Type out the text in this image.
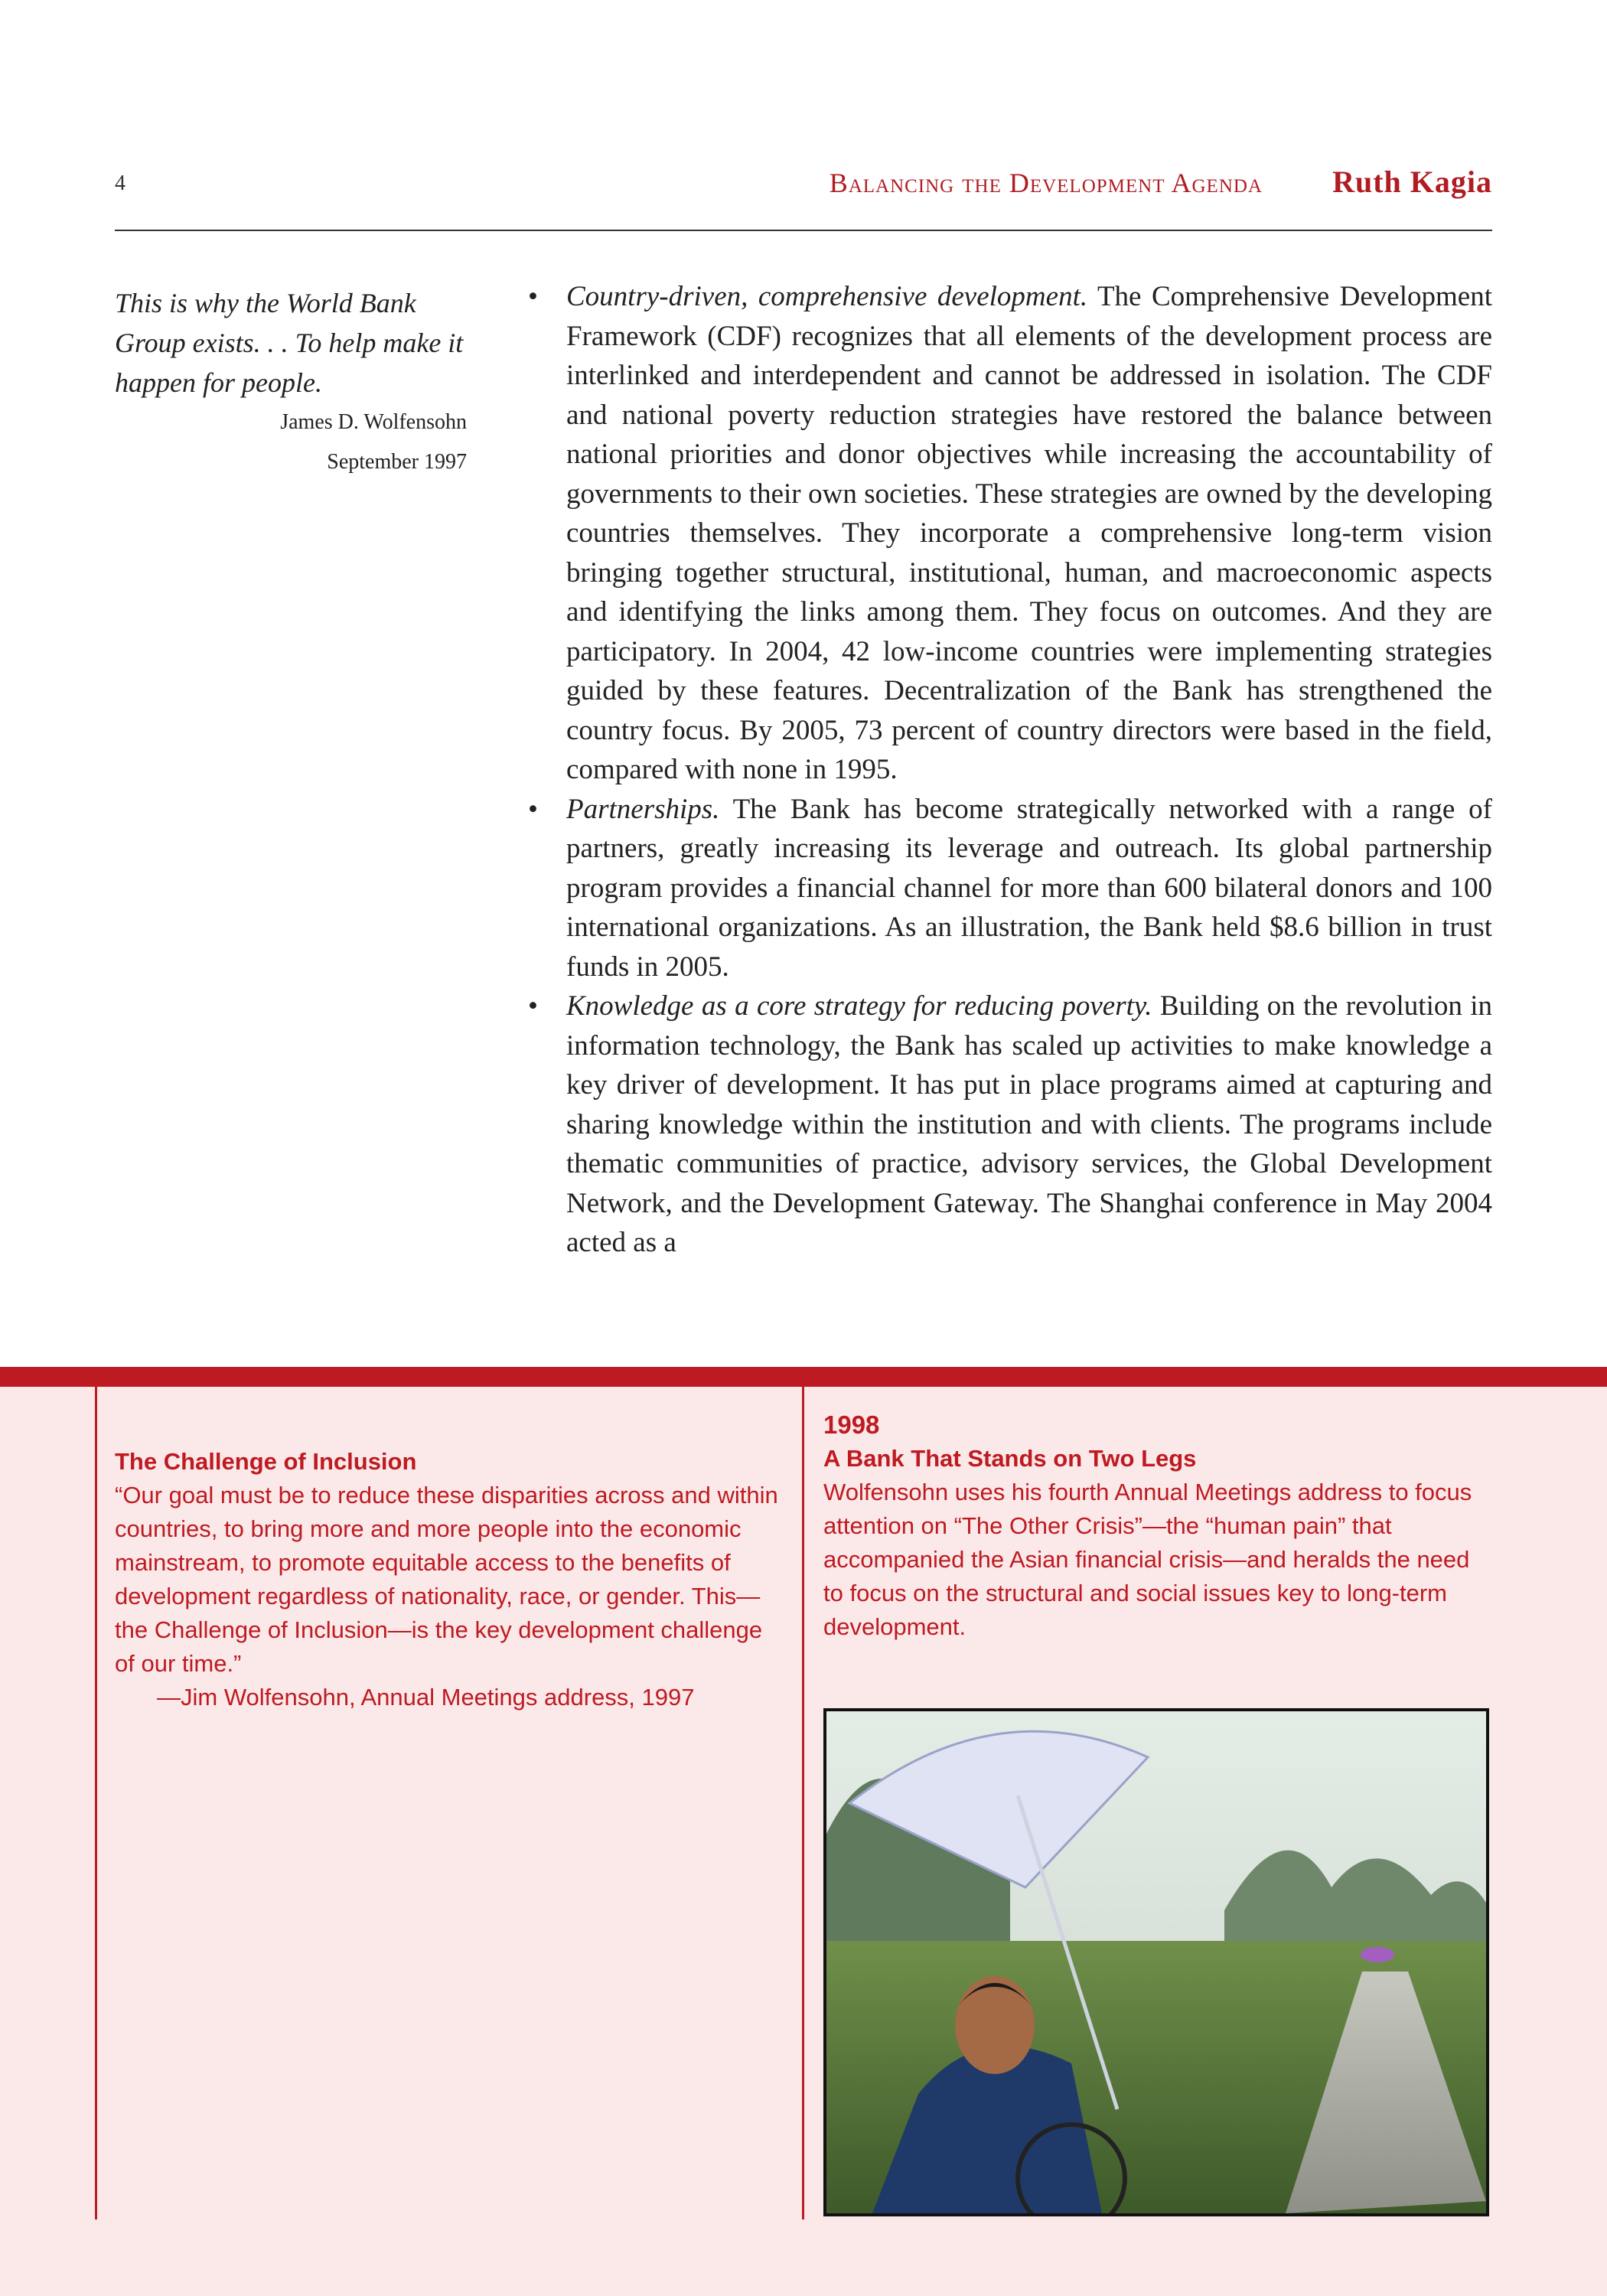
4	Balancing the Development Agenda Ruth Kagia

This is why the World Bank Group exists. . . To help make it happen for people.

James D. Wolfensohn

September 1997

• Country-driven, comprehensive development. The Comprehensive Development Framework (CDF) recognizes that all elements of the development process are interlinked and interdependent and cannot be addressed in isolation. The CDF and national poverty reduction strategies have restored the balance between national priorities and donor objectives while increasing the accountability of governments to their own societies. These strategies are owned by the developing countries themselves. They incorporate a comprehensive long-term vision bringing together structural, institutional, human, and macroeconomic aspects and identifying the links among them. They focus on outcomes. And they are participatory. In 2004, 42 low-income countries were implementing strategies guided by these features. Decentralization of the Bank has strengthened the country focus. By 2005, 73 percent of country directors were based in the field, compared with none in 1995.

• Partnerships. The Bank has become strategically networked with a range of partners, greatly increasing its leverage and outreach. Its global partnership program provides a financial channel for more than 600 bilateral donors and 100 international organizations. As an illustration, the Bank held $8.6 billion in trust funds in 2005.

• Knowledge as a core strategy for reducing poverty. Building on the revolution in information technology, the Bank has scaled up activities to make knowledge a key driver of development. It has put in place programs aimed at capturing and sharing knowledge within the institution and with clients. The programs include thematic communities of practice, advisory services, the Global Development Network, and the Development Gateway. The Shanghai conference in May 2004 acted as a

The Challenge of Inclusion

“Our goal must be to reduce these disparities across and within countries, to bring more and more people into the economic mainstream, to promote equitable access to the benefits of development regardless of nationality, race, or gender. This—the Challenge of Inclusion—is the key development challenge of our time.”

—Jim Wolfensohn, Annual Meetings address, 1997

1998

A Bank That Stands on Two Legs

Wolfensohn uses his fourth Annual Meetings address to focus attention on “The Other Crisis”—the “human pain” that accompanied the Asian financial crisis—and heralds the need to focus on the structural and social issues key to long-term development.
